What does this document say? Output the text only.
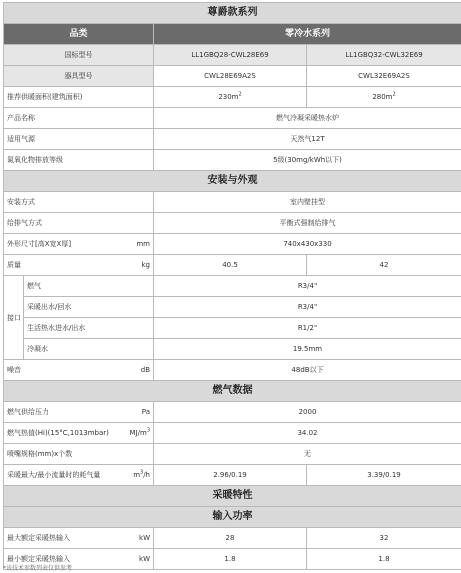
尊爵款系列			
品类		零冷水系列	
国标型号		LL1GBQ28-CWL28E69	LL1GBQ32-CWL32E69
器具型号		CWL28E69A2S	CWL32E69A2S
推荐供暖面积(建筑面积)		$230m^2$	$280m^2$
产品名称		燃气冷凝采暖热水炉	
适用气源		天然气12T	
氮氧化物排放等级		5级(30mg/kWh以下)	
安装与外观			
安装方式		室内壁挂型	
给排气方式		平衡式强制给排气	

外形尺寸[高X宽X厚] mm		740x430x330	

质量 kg		40.5	42
接口	燃气	R3/4"	
	采暖出水/回水	R3/4"	
	生活热水进水/出水	R1/2"	
	冷凝水	19.5mm	

噪音 dB		48dB以下	
燃气数据			

燃气供给压力 Pa		2000	

燃气热值(Hi)(15°C,1013mbar) $MJ/m^3$		34.02	
喷嘴规格(mm)x个数		无	

采暖最大/最小流量时的耗气量 $m^3/h$		2.96/0.19	3.39/0.19
采暖特性			
输入功率			

最大额定采暖热输入 kW		28	32

最小额定采暖热输入 kW		1.8	1.8
*该技术参数列表仅供参考
